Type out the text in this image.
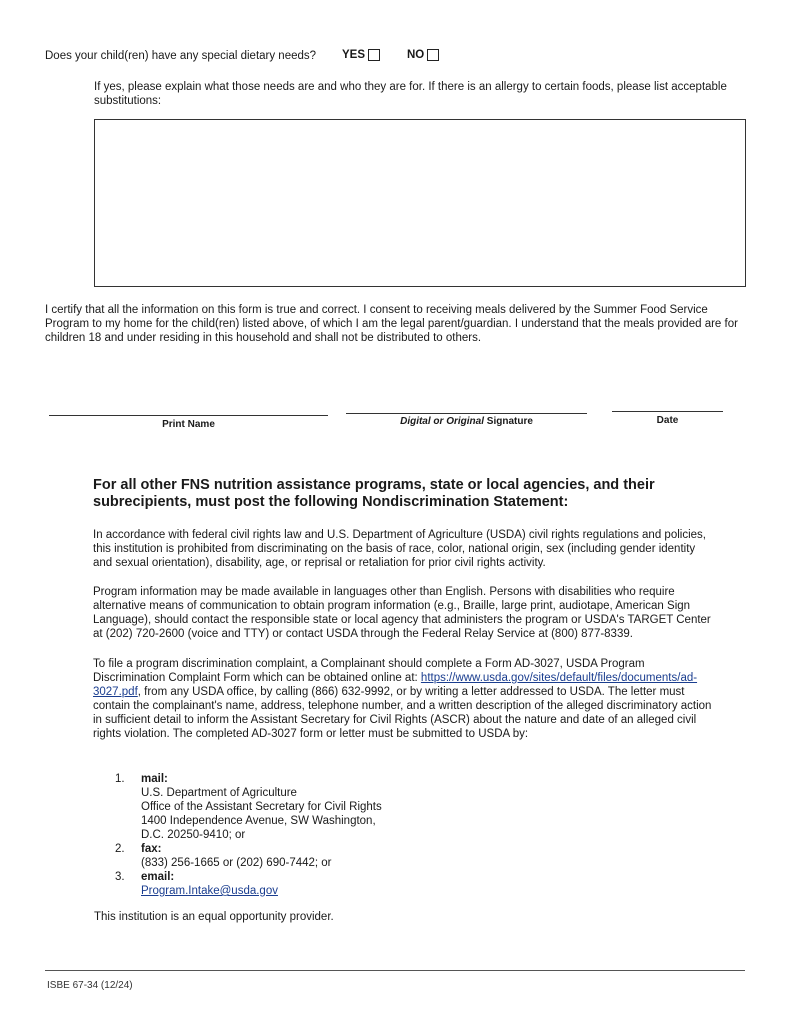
Does your child(ren) have any special dietary needs? YES	NO
If yes, please explain what those needs are and who they are for. If there is an allergy to certain foods, please list acceptable substitutions:
I certify that all the information on this form is true and correct. I consent to receiving meals delivered by the Summer Food Service Program to my home for the child(ren) listed above, of which I am the legal parent/guardian. I understand that the meals provided are for children 18 and under residing in this household and shall not be distributed to others.
Print Name	Digital or Original Signature	Date
For all other FNS nutrition assistance programs, state or local agencies, and their subrecipients, must post the following Nondiscrimination Statement:
In accordance with federal civil rights law and U.S. Department of Agriculture (USDA) civil rights regulations and policies, this institution is prohibited from discriminating on the basis of race, color, national origin, sex (including gender identity and sexual orientation), disability, age, or reprisal or retaliation for prior civil rights activity.
Program information may be made available in languages other than English. Persons with disabilities who require alternative means of communication to obtain program information (e.g., Braille, large print, audiotape, American Sign Language), should contact the responsible state or local agency that administers the program or USDA's TARGET Center at (202) 720-2600 (voice and TTY) or contact USDA through the Federal Relay Service at (800) 877-8339.
To file a program discrimination complaint, a Complainant should complete a Form AD-3027, USDA Program Discrimination Complaint Form which can be obtained online at: https://www.usda.gov/sites/default/files/documents/ad-3027.pdf, from any USDA office, by calling (866) 632-9992, or by writing a letter addressed to USDA. The letter must contain the complainant's name, address, telephone number, and a written description of the alleged discriminatory action in sufficient detail to inform the Assistant Secretary for Civil Rights (ASCR) about the nature and date of an alleged civil rights violation. The completed AD-3027 form or letter must be submitted to USDA by:
1.	mail:
U.S. Department of Agriculture
Office of the Assistant Secretary for Civil Rights
1400 Independence Avenue, SW Washington,
D.C. 20250-9410; or
2.	fax:
(833) 256-1665 or (202) 690-7442; or
3.	email:
Program.Intake@usda.gov
This institution is an equal opportunity provider.
ISBE 67-34 (12/24)
